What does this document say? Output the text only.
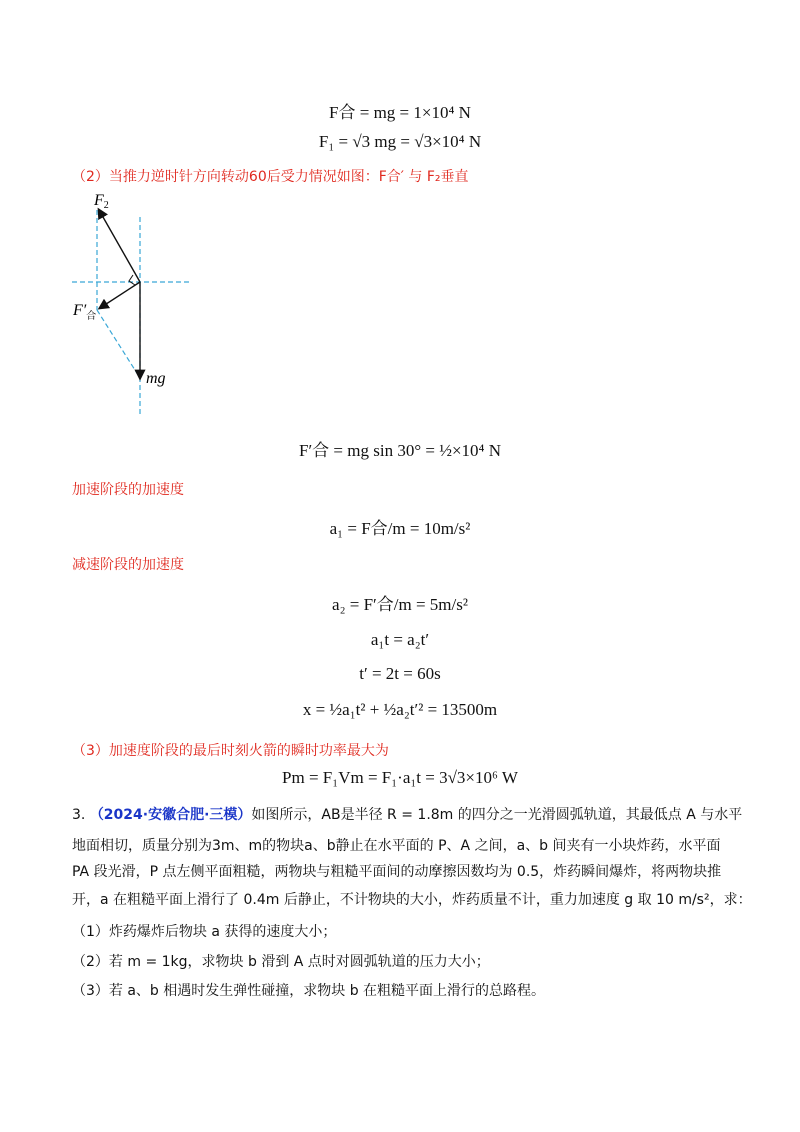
F合 = mg = 1×10⁴ N
F₁ = √3 mg = √3×10⁴ N
（2）当推力逆时针方向转动60后受力情况如图：F合′ 与 F₂垂直
F2
$F'_合$
mg
F′合 = mg sin 30° = ½×10⁴ N
加速阶段的加速度
a₁ = F合/m = 10m/s²
减速阶段的加速度
a₂ = F′合/m = 5m/s²
a₁t = a₂t′
t′ = 2t = 60s
x = ½a₁t² + ½a₂t′² = 13500m
（3）加速度阶段的最后时刻火箭的瞬时功率最大为
Pm = F₁Vm = F₁·a₁t = 3√3×10⁶ W
3. （2024·安徽合肥·三模）如图所示，AB是半径 R = 1.8m 的四分之一光滑圆弧轨道，其最低点 A 与水平
地面相切，质量分别为3m、m的物块a、b静止在水平面的 P、A 之间，a、b 间夹有一小块炸药，水平面
PA 段光滑，P 点左侧平面粗糙，两物块与粗糙平面间的动摩擦因数均为 0.5，炸药瞬间爆炸，将两物块推
开，a 在粗糙平面上滑行了 0.4m 后静止，不计物块的大小，炸药质量不计，重力加速度 g 取 10 m/s²，求：
（1）炸药爆炸后物块 a 获得的速度大小；
（2）若 m = 1kg，求物块 b 滑到 A 点时对圆弧轨道的压力大小；
（3）若 a、b 相遇时发生弹性碰撞，求物块 b 在粗糙平面上滑行的总路程。
